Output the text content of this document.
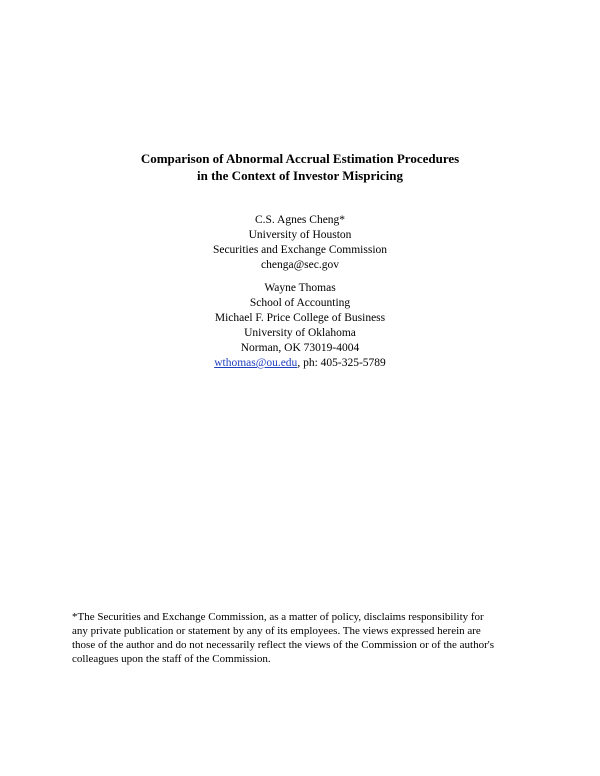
Comparison of Abnormal Accrual Estimation Procedures
in the Context of Investor Mispricing
C.S. Agnes Cheng*
University of Houston
Securities and Exchange Commission
chenga@sec.gov
Wayne Thomas
School of Accounting
Michael F. Price College of Business
University of Oklahoma
Norman, OK 73019-4004
wthomas@ou.edu, ph: 405-325-5789
*The Securities and Exchange Commission, as a matter of policy, disclaims responsibility for
any private publication or statement by any of its employees. The views expressed herein are
those of the author and do not necessarily reflect the views of the Commission or of the author's
colleagues upon the staff of the Commission.
